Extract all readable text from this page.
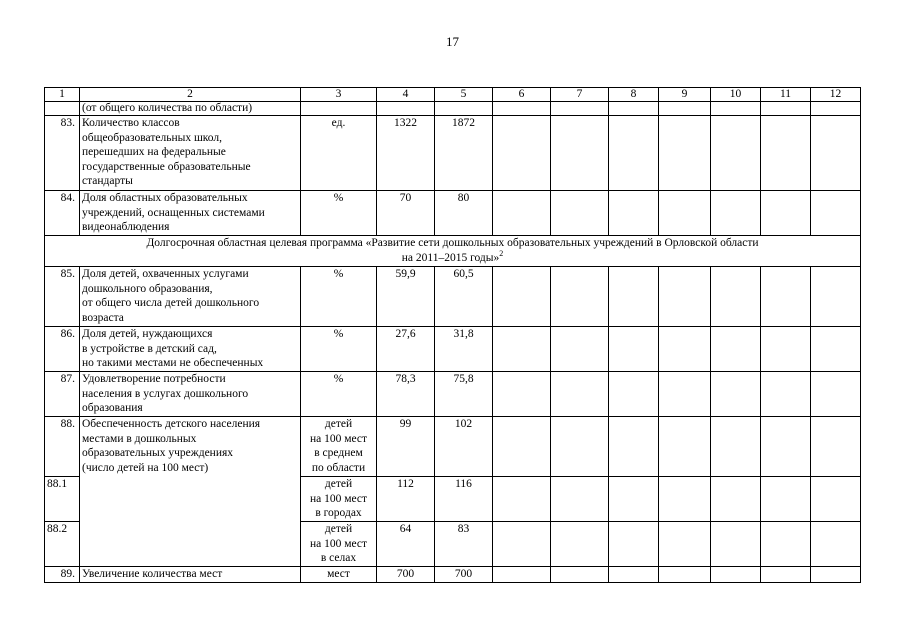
17
1	2	3	4	5	6	7	8	9	10	11	12
	(от общего количества по области)										
83.	Количество классов
общеобразовательных школ,
перешедших на федеральные
государственные образовательные
стандарты	ед.	1322	1872							
84.	Доля областных образовательных
учреждений, оснащенных системами
видеонаблюдения	%	70	80							
Долгосрочная областная целевая программа «Развитие сети дошкольных образовательных учреждений в Орловской области
на 2011–2015 годы»$^2$
85.	Доля детей, охваченных услугами
дошкольного образования,
от общего числа детей дошкольного
возраста	%	59,9	60,5							
86.	Доля детей, нуждающихся
в устройстве в детский сад,
но такими местами не обеспеченных	%	27,6	31,8							
87.	Удовлетворение потребности
населения в услугах дошкольного
образования	%	78,3	75,8							
88.	Обеспеченность детского населения
местами в дошкольных
образовательных учреждениях
(число детей на 100 мест)	детей
на 100 мест
в среднем
по области	99	102							
88.1		детей
на 100 мест
в городах	112	116							
88.2		детей
на 100 мест
в селах	64	83							
89.	Увеличение количества мест	мест	700	700							
